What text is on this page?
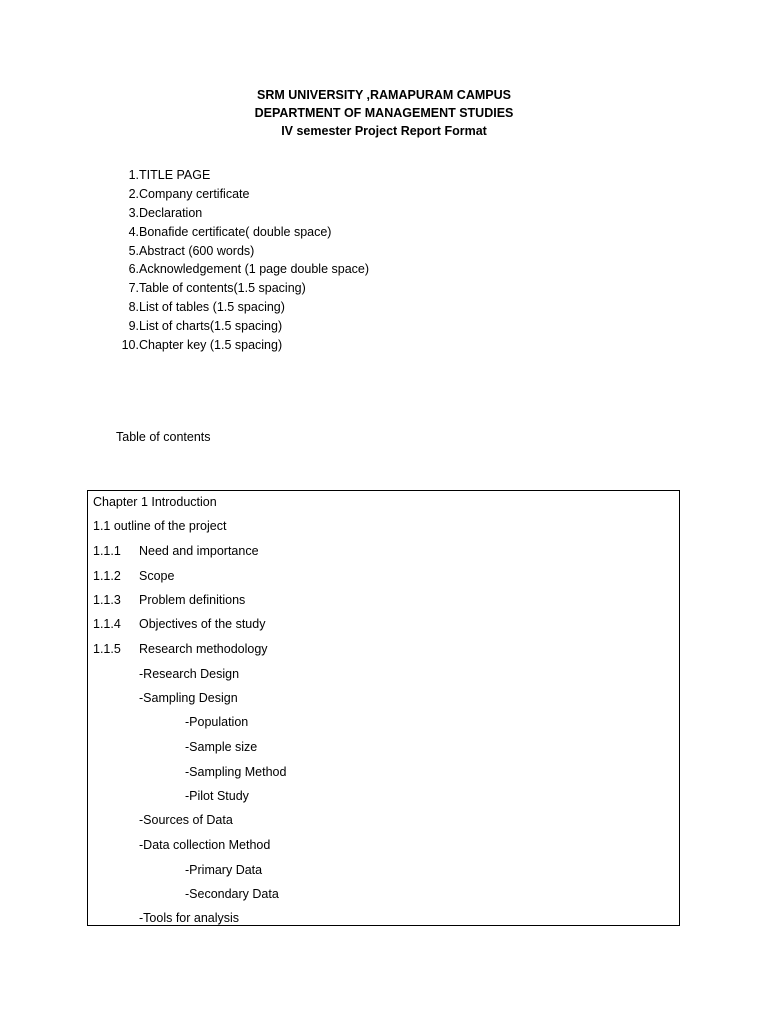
SRM UNIVERSITY ,RAMAPURAM CAMPUS
DEPARTMENT OF MANAGEMENT STUDIES
IV semester Project Report Format
1. TITLE PAGE
2. Company certificate
3. Declaration
4. Bonafide certificate( double space)
5. Abstract (600 words)
6. Acknowledgement (1 page double space)
7. Table of contents(1.5 spacing)
8. List of tables (1.5 spacing)
9. List of charts(1.5 spacing)
10. Chapter key (1.5 spacing)
Table of contents
Chapter 1 Introduction
1.1 outline of the project
1.1.1 Need and importance
1.1.2 Scope
1.1.3 Problem definitions
1.1.4 Objectives of the study
1.1.5 Research methodology
-Research Design
-Sampling Design
-Population
-Sample size
-Sampling Method
-Pilot Study
-Sources of Data
-Data collection Method
-Primary Data
-Secondary Data
-Tools for analysis
